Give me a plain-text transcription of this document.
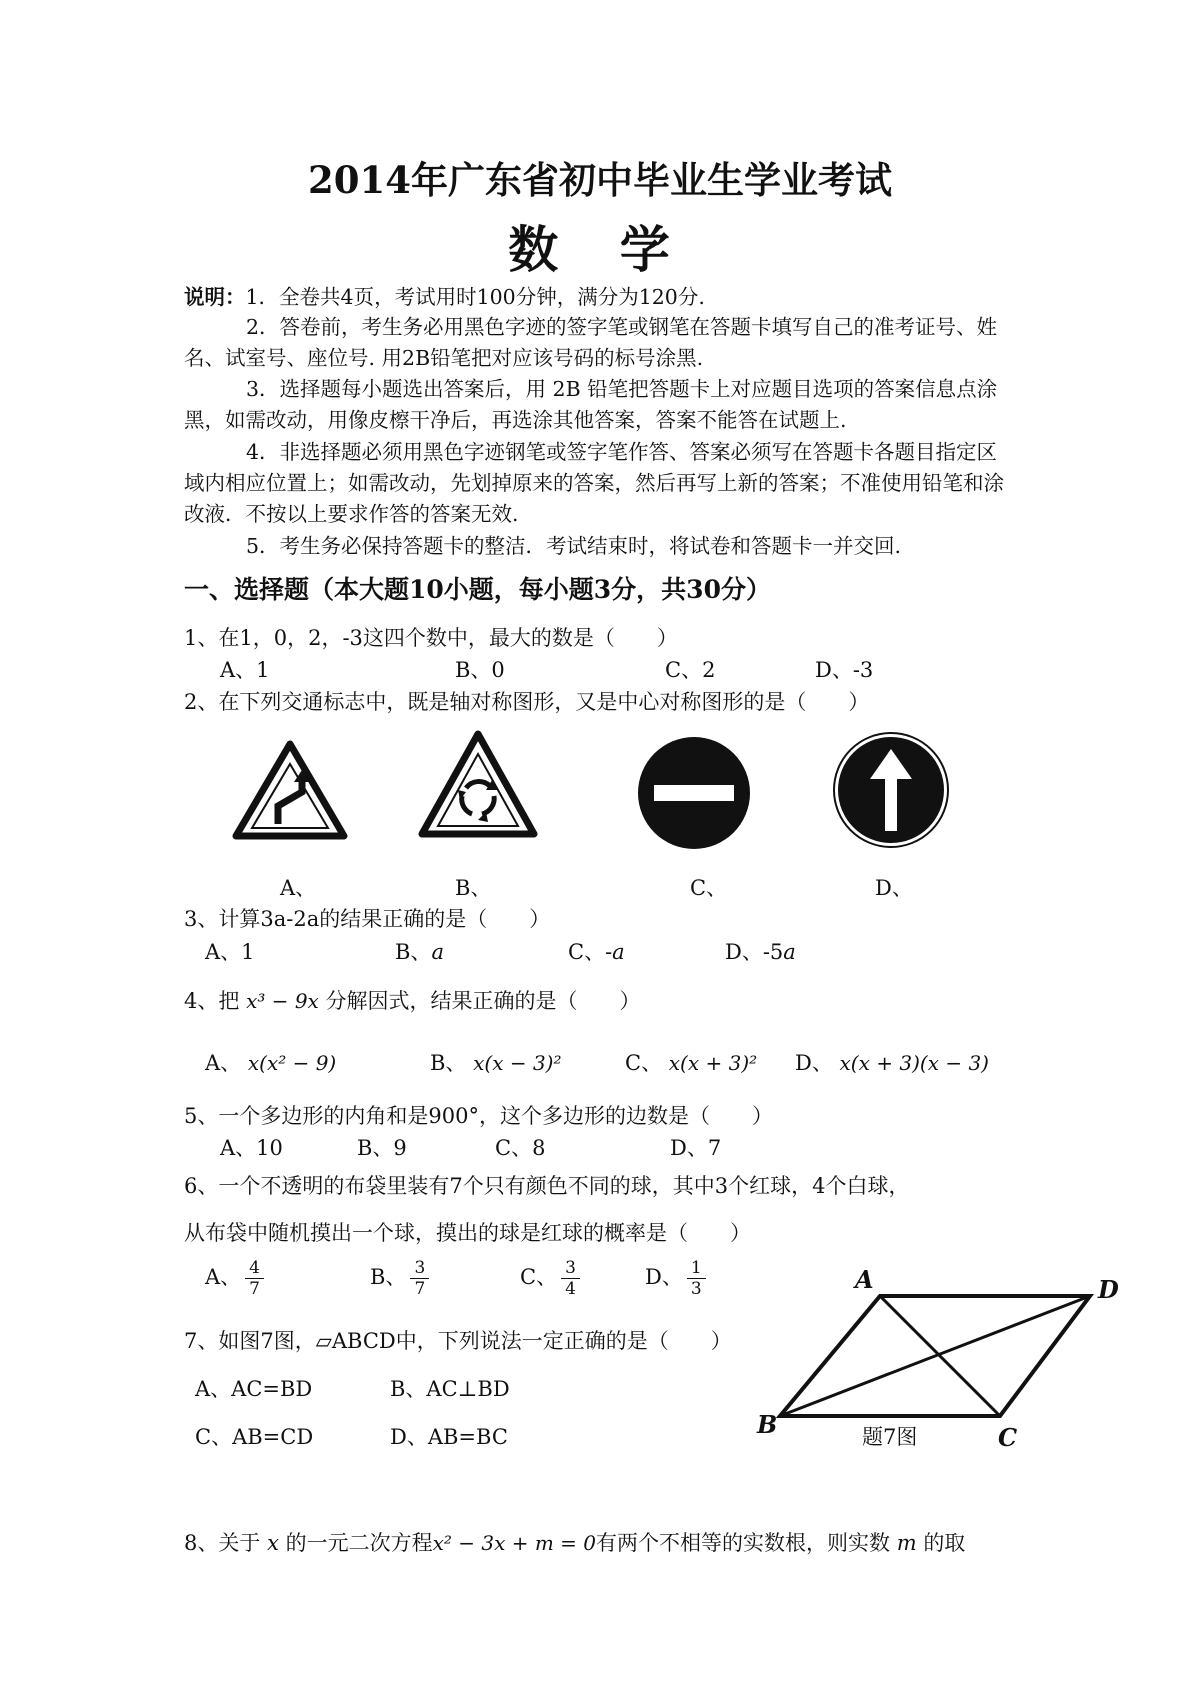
2014年广东省初中毕业生学业考试
数 学
说明：1．全卷共4页，考试用时100分钟，满分为120分.
2．答卷前，考生务必用黑色字迹的签字笔或钢笔在答题卡填写自己的准考证号、姓
名、试室号、座位号. 用2B铅笔把对应该号码的标号涂黑.
3．选择题每小题选出答案后，用 2B 铅笔把答题卡上对应题目选项的答案信息点涂
黑，如需改动，用像皮檫干净后，再选涂其他答案，答案不能答在试题上.
4．非选择题必须用黑色字迹钢笔或签字笔作答、答案必须写在答题卡各题目指定区
域内相应位置上；如需改动，先划掉原来的答案，然后再写上新的答案；不准使用铅笔和涂
改液．不按以上要求作答的答案无效.
5．考生务必保持答题卡的整洁．考试结束时，将试卷和答题卡一并交回.
一、选择题（本大题10小题，每小题3分，共30分）
1、在1，0，2，-3这四个数中，最大的数是（　　）
A、1	B、0	C、2	D、-3
2、在下列交通标志中，既是轴对称图形，又是中心对称图形的是（　　）
A、	B、	C、	D、
3、计算3a-2a的结果正确的是（　　）
A、1	B、a	C、-a	D、-5a
4、把 x³ − 9x 分解因式，结果正确的是（　　）
A、 x(x² − 9)	B、 x(x − 3)²	C、 x(x + 3)² D、 x(x + 3)(x − 3)
5、一个多边形的内角和是900°，这个多边形的边数是（　　）
A、10	B、9	C、8	D、7
6、一个不透明的布袋里装有7个只有颜色不同的球，其中3个红球，4个白球，
从布袋中随机摸出一个球，摸出的球是红球的概率是（　　）
A、 $\frac{4}{7}$	B、 $\frac{3}{7}$	C、 $\frac{3}{4}$	D、 $\frac{1}{3}$
7、如图7图，▱ABCD中，下列说法一定正确的是（　　）
A、AC=BD	B、AC⊥BD
C、AB=CD	D、AB=BC
A	D
B	C
题7图
8、关于 x 的一元二次方程x² − 3x + m = 0有两个不相等的实数根，则实数 m 的取
